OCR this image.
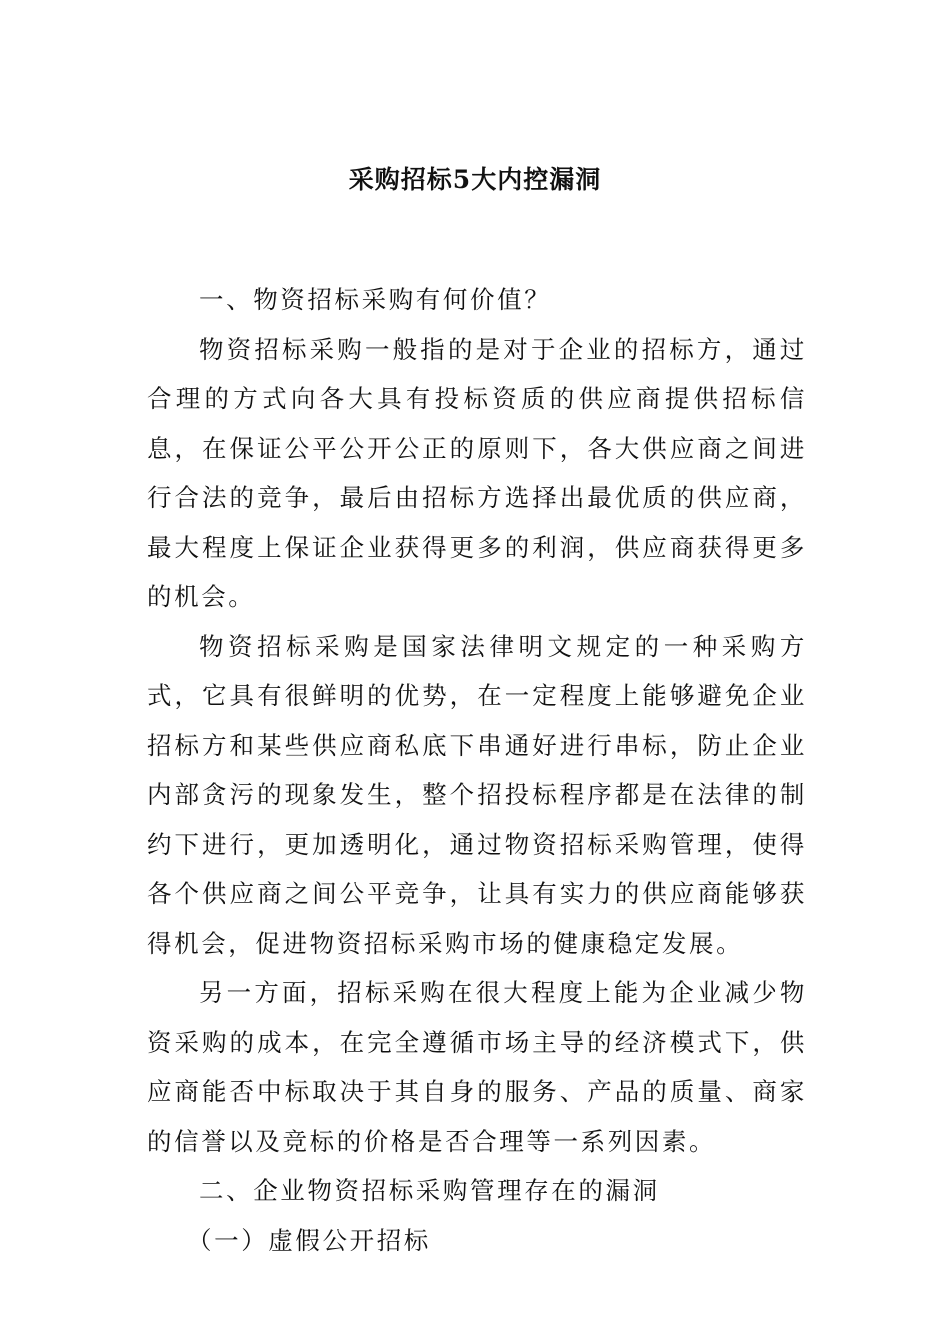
采购招标5大内控漏洞

一、物资招标采购有何价值？

物资招标采购一般指的是对于企业的招标方，通过合理的方式向各大具有投标资质的供应商提供招标信息，在保证公平公开公正的原则下，各大供应商之间进行合法的竞争，最后由招标方选择出最优质的供应商，最大程度上保证企业获得更多的利润，供应商获得更多的机会。

物资招标采购是国家法律明文规定的一种采购方式，它具有很鲜明的优势，在一定程度上能够避免企业招标方和某些供应商私底下串通好进行串标，防止企业内部贪污的现象发生，整个招投标程序都是在法律的制约下进行，更加透明化，通过物资招标采购管理，使得各个供应商之间公平竞争，让具有实力的供应商能够获得机会，促进物资招标采购市场的健康稳定发展。

另一方面，招标采购在很大程度上能为企业减少物资采购的成本，在完全遵循市场主导的经济模式下，供应商能否中标取决于其自身的服务、产品的质量、商家的信誉以及竞标的价格是否合理等一系列因素。

二、企业物资招标采购管理存在的漏洞

（一）虚假公开招标
